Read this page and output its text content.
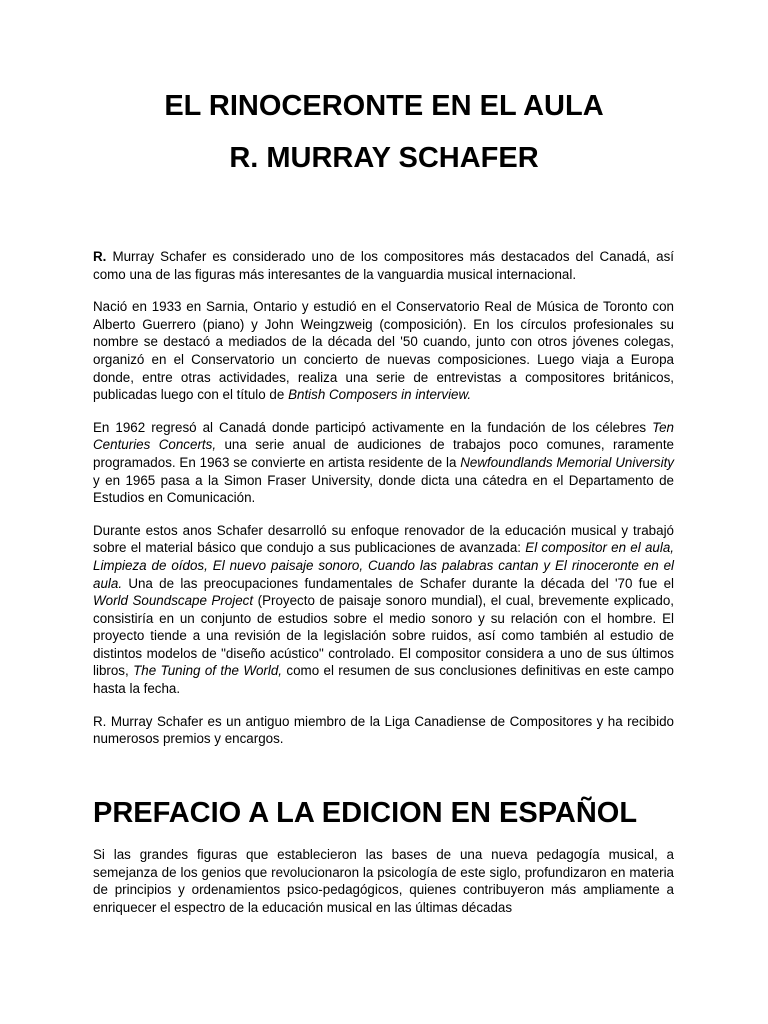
EL RINOCERONTE EN EL AULA
R. MURRAY SCHAFER

R. Murray Schafer es considerado uno de los compositores más destacados del Canadá, así como una de las figuras más interesantes de la vanguardia musical internacional.

Nació en 1933 en Sarnia, Ontario y estudió en el Conservatorio Real de Música de Toronto con Alberto Guerrero (piano) y John Weingzweig (composición). En los círculos profesionales su nombre se destacó a mediados de la década del '50 cuando, junto con otros jóvenes colegas, organizó en el Conservatorio un concierto de nuevas composiciones. Luego viaja a Europa donde, entre otras actividades, realiza una serie de entrevistas a compositores británicos, publicadas luego con el título de Bntish Composers in interview.

En 1962 regresó al Canadá donde participó activamente en la fundación de los célebres Ten Centuries Concerts, una serie anual de audiciones de trabajos poco comunes, raramente programados. En 1963 se convierte en artista residente de la Newfoundlands Memorial University y en 1965 pasa a la Simon Fraser University, donde dicta una cátedra en el Departamento de Estudios en Comunicación.

Durante estos anos Schafer desarrolló su enfoque renovador de la educación musical y trabajó sobre el material básico que condujo a sus publicaciones de avanzada: El compositor en el aula, Limpieza de oídos, El nuevo paisaje sonoro, Cuando las palabras cantan y El rinoceronte en el aula. Una de las preocupaciones fundamentales de Schafer durante la década del '70 fue el World Soundscape Project (Proyecto de paisaje sonoro mundial), el cual, brevemente explicado, consistiría en un conjunto de estudios sobre el medio sonoro y su relación con el hombre. El proyecto tiende a una revisión de la legislación sobre ruidos, así como también al estudio de distintos modelos de "diseño acústico" controlado. El compositor considera a uno de sus últimos libros, The Tuning of the World, como el resumen de sus conclusiones definitivas en este campo hasta la fecha.

R. Murray Schafer es un antiguo miembro de la Liga Canadiense de Compositores y ha recibido numerosos premios y encargos.

PREFACIO A LA EDICION EN ESPAÑOL

Si las grandes figuras que establecieron las bases de una nueva pedagogía musical, a semejanza de los genios que revolucionaron la psicología de este siglo, profundizaron en materia de principios y ordenamientos psico-pedagógicos, quienes contribuyeron más ampliamente a enriquecer el espectro de la educación musical en las últimas décadas
